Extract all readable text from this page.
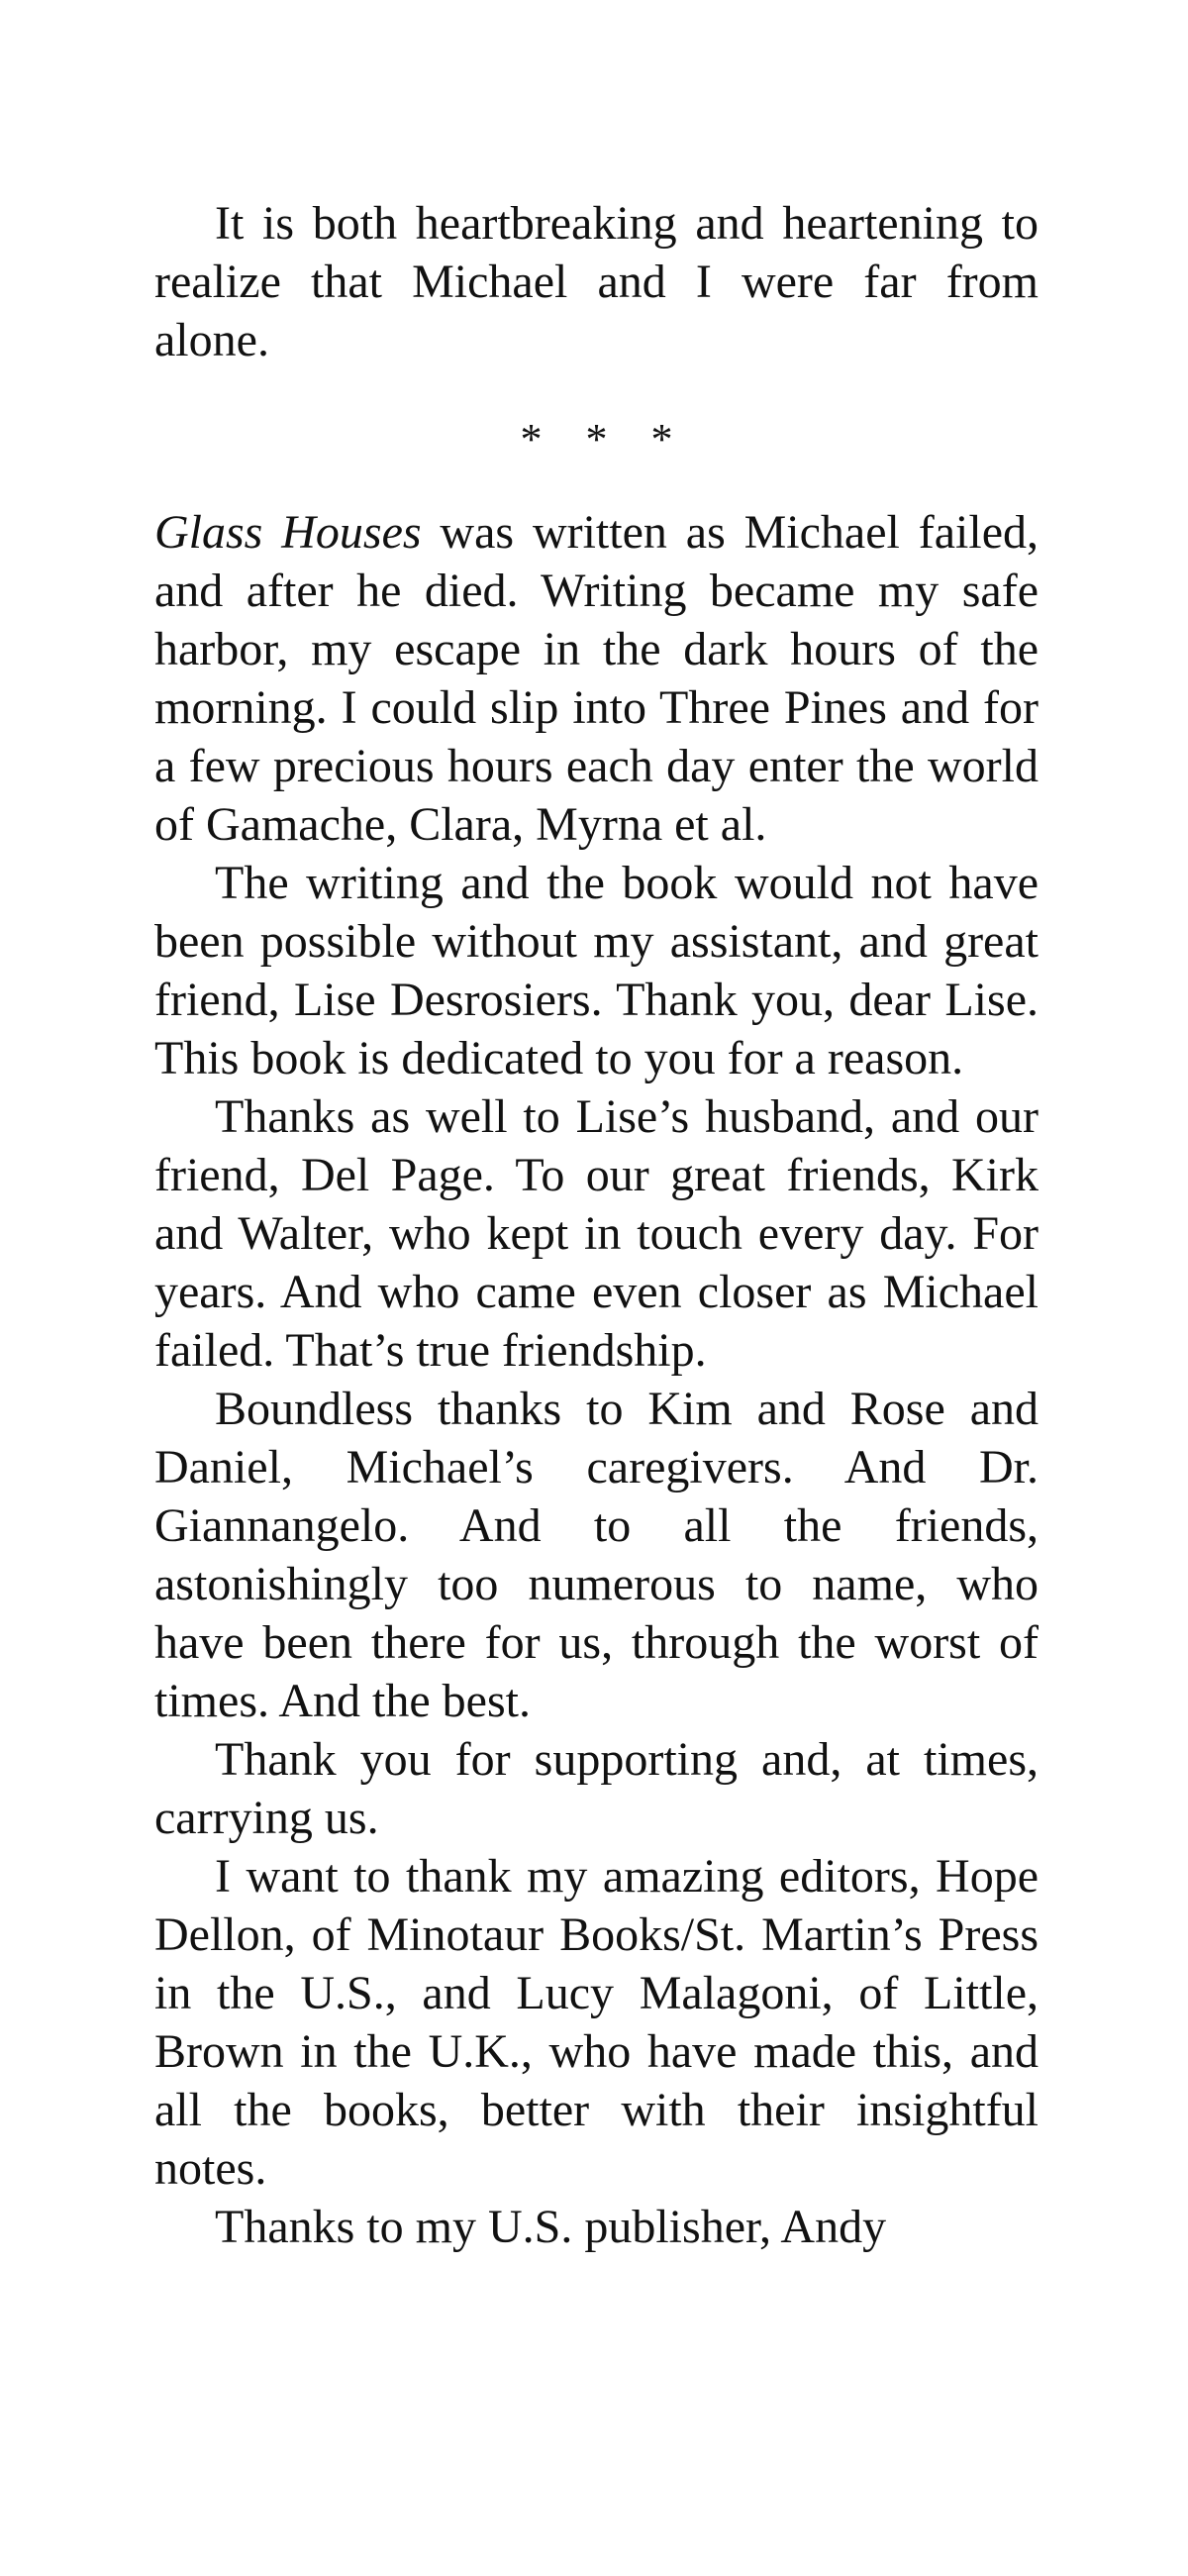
It is both heartbreaking and heartening to realize that Michael and I were far from alone.

* * *

Glass Houses was written as Michael failed, and after he died. Writing became my safe harbor, my escape in the dark hours of the morning. I could slip into Three Pines and for a few precious hours each day enter the world of Gamache, Clara, Myrna et al.

The writing and the book would not have been possible without my assistant, and great friend, Lise Desrosiers. Thank you, dear Lise. This book is dedicated to you for a reason.

Thanks as well to Lise’s husband, and our friend, Del Page. To our great friends, Kirk and Walter, who kept in touch every day. For years. And who came even closer as Michael failed. That’s true friendship.

Boundless thanks to Kim and Rose and Daniel, Michael’s caregivers. And Dr. Giannangelo. And to all the friends, astonishingly too numerous to name, who have been there for us, through the worst of times. And the best.

Thank you for supporting and, at times, carrying us.

I want to thank my amazing editors, Hope Dellon, of Minotaur Books/St. Martin’s Press in the U.S., and Lucy Malagoni, of Little, Brown in the U.K., who have made this, and all the books, better with their insightful notes.

Thanks to my U.S. publisher, Andy
